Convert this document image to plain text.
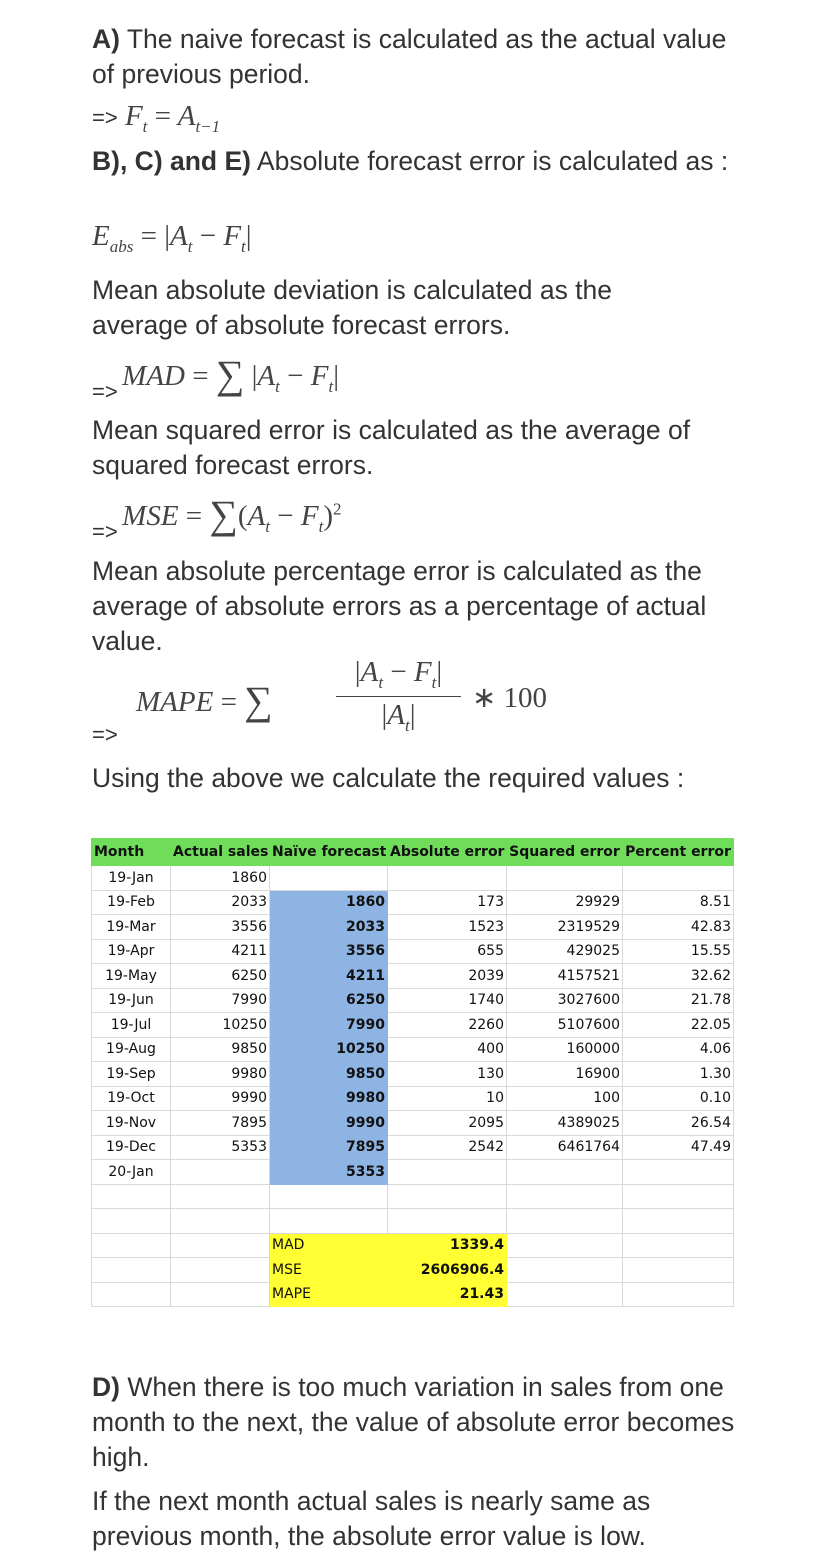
A) The naive forecast is calculated as the actual value of previous period.

=> $F_t = A_{t-1}$

B), C) and E) Absolute forecast error is calculated as :

$E_{abs} = |A_t - F_t|$

Mean absolute deviation is calculated as the average of absolute forecast errors.

=> MAD = ∑ $|A_t - F_t|$

Mean squared error is calculated as the average of squared forecast errors.

=> MSE = $\sum(A_t - F_t)^2$

Mean absolute percentage error is calculated as the average of absolute errors as a percentage of actual value.

=>
MAPE = ∑
$|A_t - F_t|$
$|A_t|$
∗ 100

Using the above we calculate the required values :

Month	Actual sales	Naïve forecast	Absolute error	Squared error	Percent error
19-Jan	1860				
19-Feb	2033	1860	173	29929	8.51
19-Mar	3556	2033	1523	2319529	42.83
19-Apr	4211	3556	655	429025	15.55
19-May	6250	4211	2039	4157521	32.62
19-Jun	7990	6250	1740	3027600	21.78
19-Jul	10250	7990	2260	5107600	22.05
19-Aug	9850	10250	400	160000	4.06
19-Sep	9980	9850	130	16900	1.30
19-Oct	9990	9980	10	100	0.10
19-Nov	7895	9990	2095	4389025	26.54
19-Dec	5353	7895	2542	6461764	47.49
20-Jan		5353			

		MAD	1339.4		
		MSE	2606906.4		
		MAPE	21.43		

D) When there is too much variation in sales from one month to the next, the value of absolute error becomes high.

If the next month actual sales is nearly same as previous month, the absolute error value is low.
